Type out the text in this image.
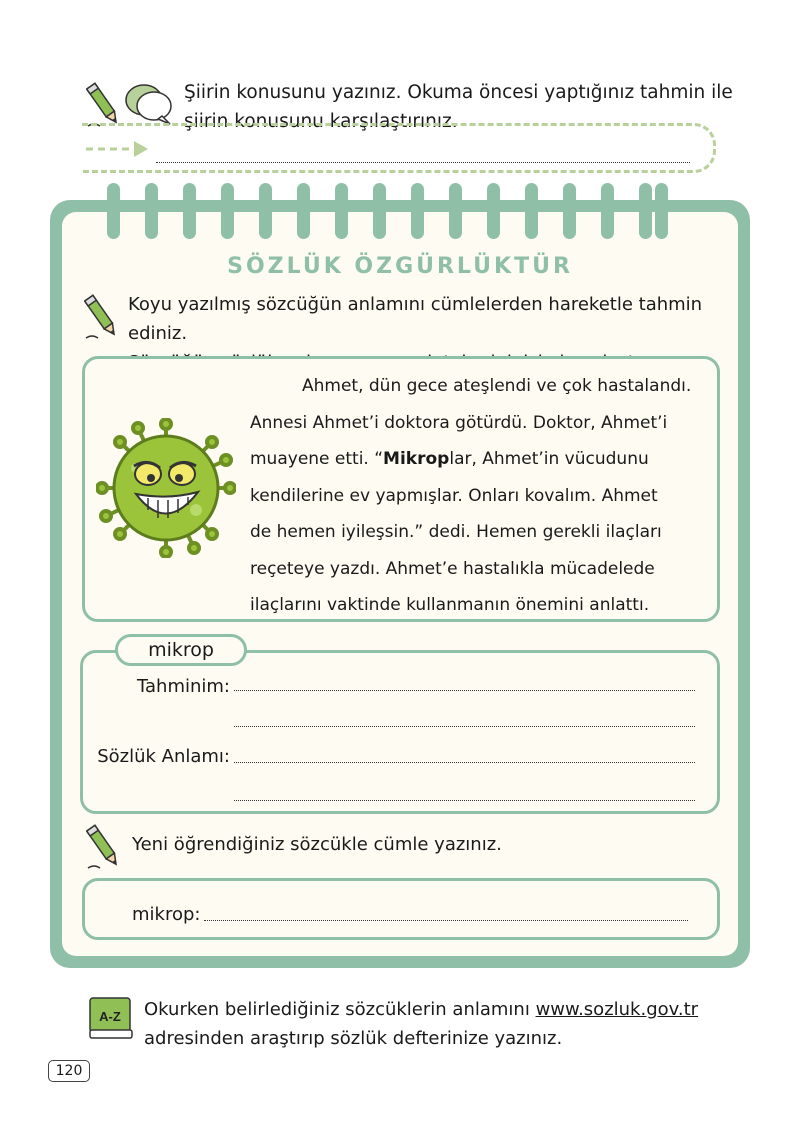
Şiirin konusunu yazınız. Okuma öncesi yaptığınız tahmin ile
şiirin konusunu karşılaştırınız.
SÖZLÜK ÖZGÜRLÜKTÜR
Koyu yazılmış sözcüğün anlamını cümlelerden hareketle tahmin ediniz.
Ahmet, dün gece ateşlendi ve çok hastalandı.
Annesi Ahmet’i doktora götürdü. Doktor, Ahmet’i
muayene etti. “Mikroplar, Ahmet’in vücudunu
kendilerine ev yapmışlar. Onları kovalım. Ahmet
de hemen iyileşsin.” dedi. Hemen gerekli ilaçları
reçeteye yazdı. Ahmet’e hastalıkla mücadelede
ilaçlarını vaktinde kullanmanın önemini anlattı.
mikrop
Tahminim:
Sözlük Anlamı:
Yeni öğrendiğiniz sözcükle cümle yazınız.
mikrop:
A-Z Okurken belirlediğiniz sözcüklerin anlamını www.sozluk.gov.tr
adresinden araştırıp sözlük defterinize yazınız.
120
